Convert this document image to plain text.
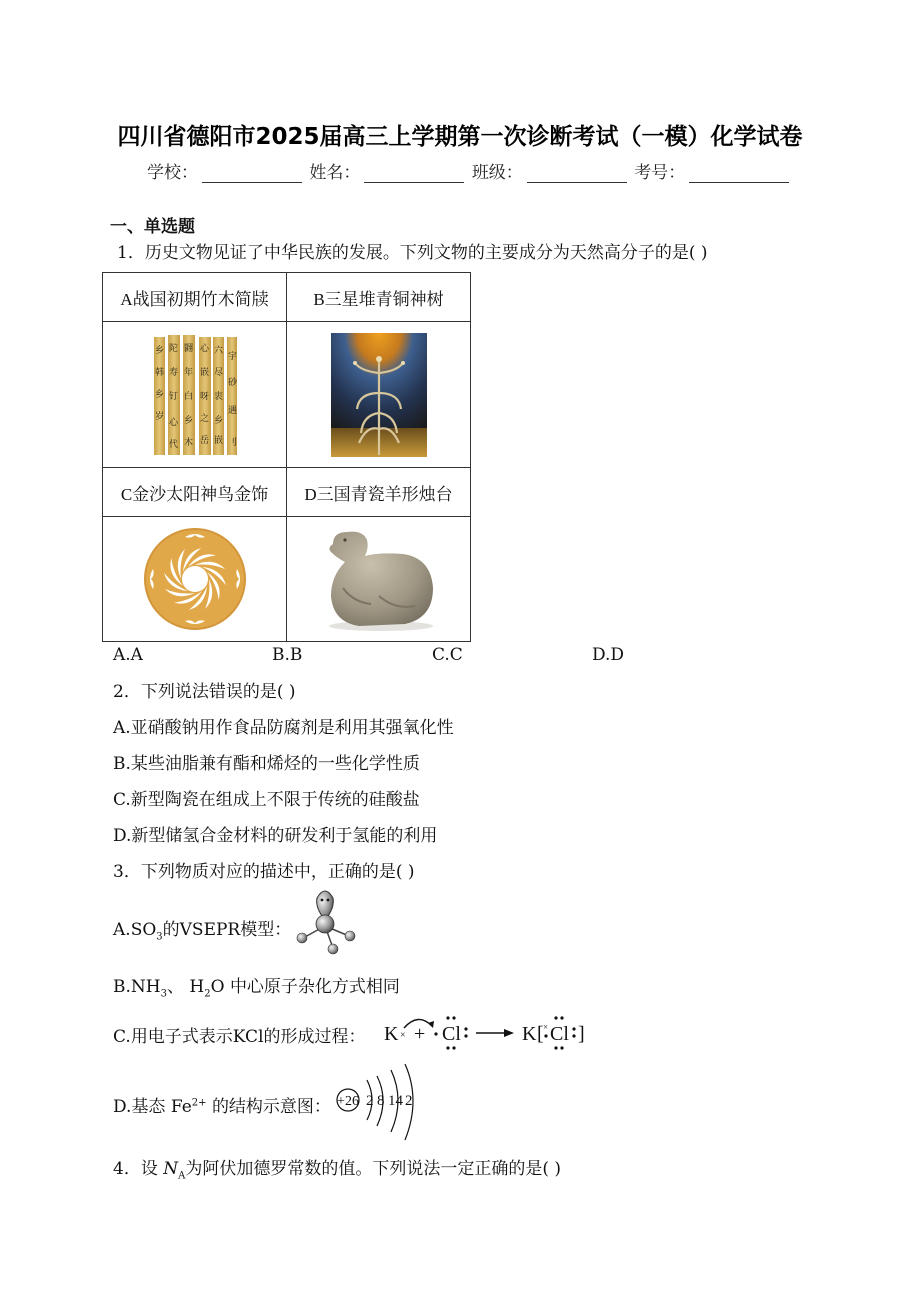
四川省德阳市2025届高三上学期第一次诊断考试（一模）化学试卷
学校：	姓名：	班级：	考号：
一、单选题
1．历史文物见证了中华民族的发展。下列文物的主要成分为天然高分子的是( )
A战国初期竹木简牍	B三星堆青铜神树

乡
韩
乡
岁
陀
寿
钉
心
代
翾
年
白
乡
木
心
嵌
呀
之
岳
六
尽
衷
乡
嵌
宇
砂
遇
刂

C金沙太阳神鸟金饰	D三国青瓷羊形烛台

A.A	B.B	C.C	D.D
2．下列说法错误的是( )
A.亚硝酸钠用作食品防腐剂是利用其强氧化性
B.某些油脂兼有酯和烯烃的一些化学性质
C.新型陶瓷在组成上不限于传统的硅酸盐
D.新型储氢合金材料的研发利于氢能的利用
3．下列物质对应的描述中，正确的是( )
$A.SO_3$的VSEPR模型：
$B.NH_3$、 $H_2O$ 中心原子杂化方式相同
C.用电子式表示KCl的形成过程： K × + Cl	K [ × Cl ]
D.基态 $Fe^{2+}$ 的结构示意图： +26 2 8 14 2
4．设 $N_A$为阿伏加德罗常数的值。下列说法一定正确的是( )
